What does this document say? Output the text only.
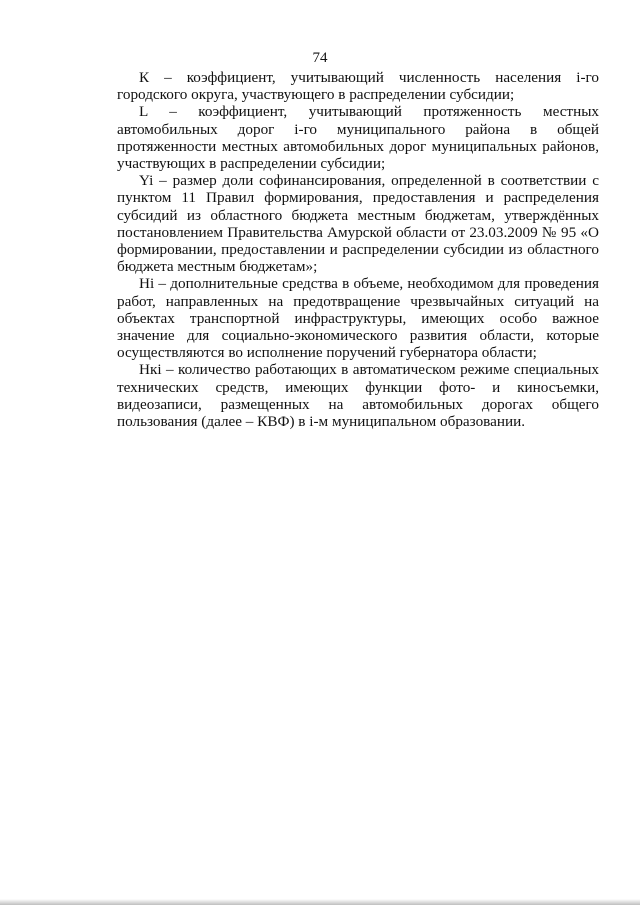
74

К – коэффициент, учитывающий численность населения i-го городского округа, участвующего в распределении субсидии;

L – коэффициент, учитывающий протяженность местных автомобильных дорог i-го муниципального района в общей протяженности местных автомобильных дорог муниципальных районов, участвующих в распределении субсидии;

Yi – размер доли софинансирования, определенной в соответствии с пунктом 11 Правил формирования, предоставления и распределения субсидий из областного бюджета местным бюджетам, утверждённых постановлением Правительства Амурской области от 23.03.2009 № 95 «О формировании, предоставлении и распределении субсидии из областного бюджета местным бюджетам»;

Hi – дополнительные средства в объеме, необходимом для проведения работ, направленных на предотвращение чрезвычайных ситуаций на объектах транспортной инфраструктуры, имеющих особо важное значение для социально-экономического развития области, которые осуществляются во исполнение поручений губернатора области;

Hкi – количество работающих в автоматическом режиме специальных технических средств, имеющих функции фото- и киносъемки, видеозаписи, размещенных на автомобильных дорогах общего пользования (далее – КВФ) в i-м муниципальном образовании.
